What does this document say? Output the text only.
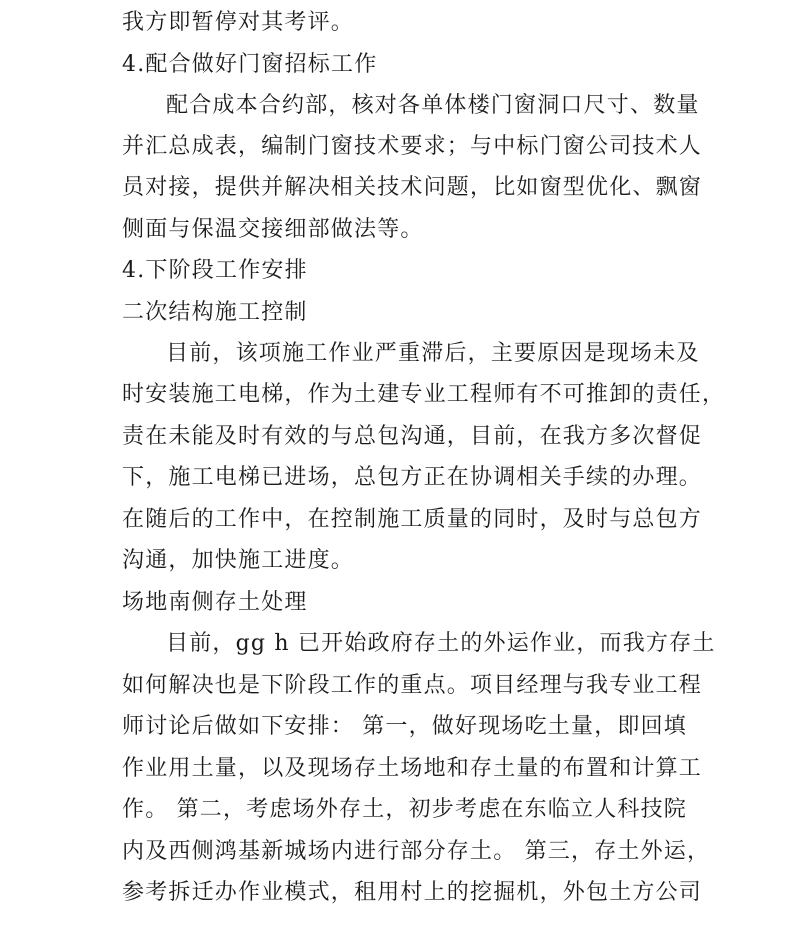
我方即暂停对其考评。

4.配合做好门窗招标工作

配合成本合约部，核对各单体楼门窗洞口尺寸、数量

并汇总成表，编制门窗技术要求；与中标门窗公司技术人

员对接，提供并解决相关技术问题，比如窗型优化、飘窗

侧面与保温交接细部做法等。

4.下阶段工作安排

二次结构施工控制

目前，该项施工作业严重滞后，主要原因是现场未及

时安装施工电梯，作为土建专业工程师有不可推卸的责任，

责在未能及时有效的与总包沟通，目前，在我方多次督促

下，施工电梯已进场，总包方正在协调相关手续的办理。

在随后的工作中，在控制施工质量的同时，及时与总包方

沟通，加快施工进度。

场地南侧存土处理

目前，gg h 已开始政府存土的外运作业，而我方存土

如何解决也是下阶段工作的重点。项目经理与我专业工程

师讨论后做如下安排： 第一，做好现场吃土量，即回填

作业用土量，以及现场存土场地和存土量的布置和计算工

作。 第二，考虑场外存土，初步考虑在东临立人科技院

内及西侧鸿基新城场内进行部分存土。 第三，存土外运，

参考拆迁办作业模式，租用村上的挖掘机，外包土方公司
